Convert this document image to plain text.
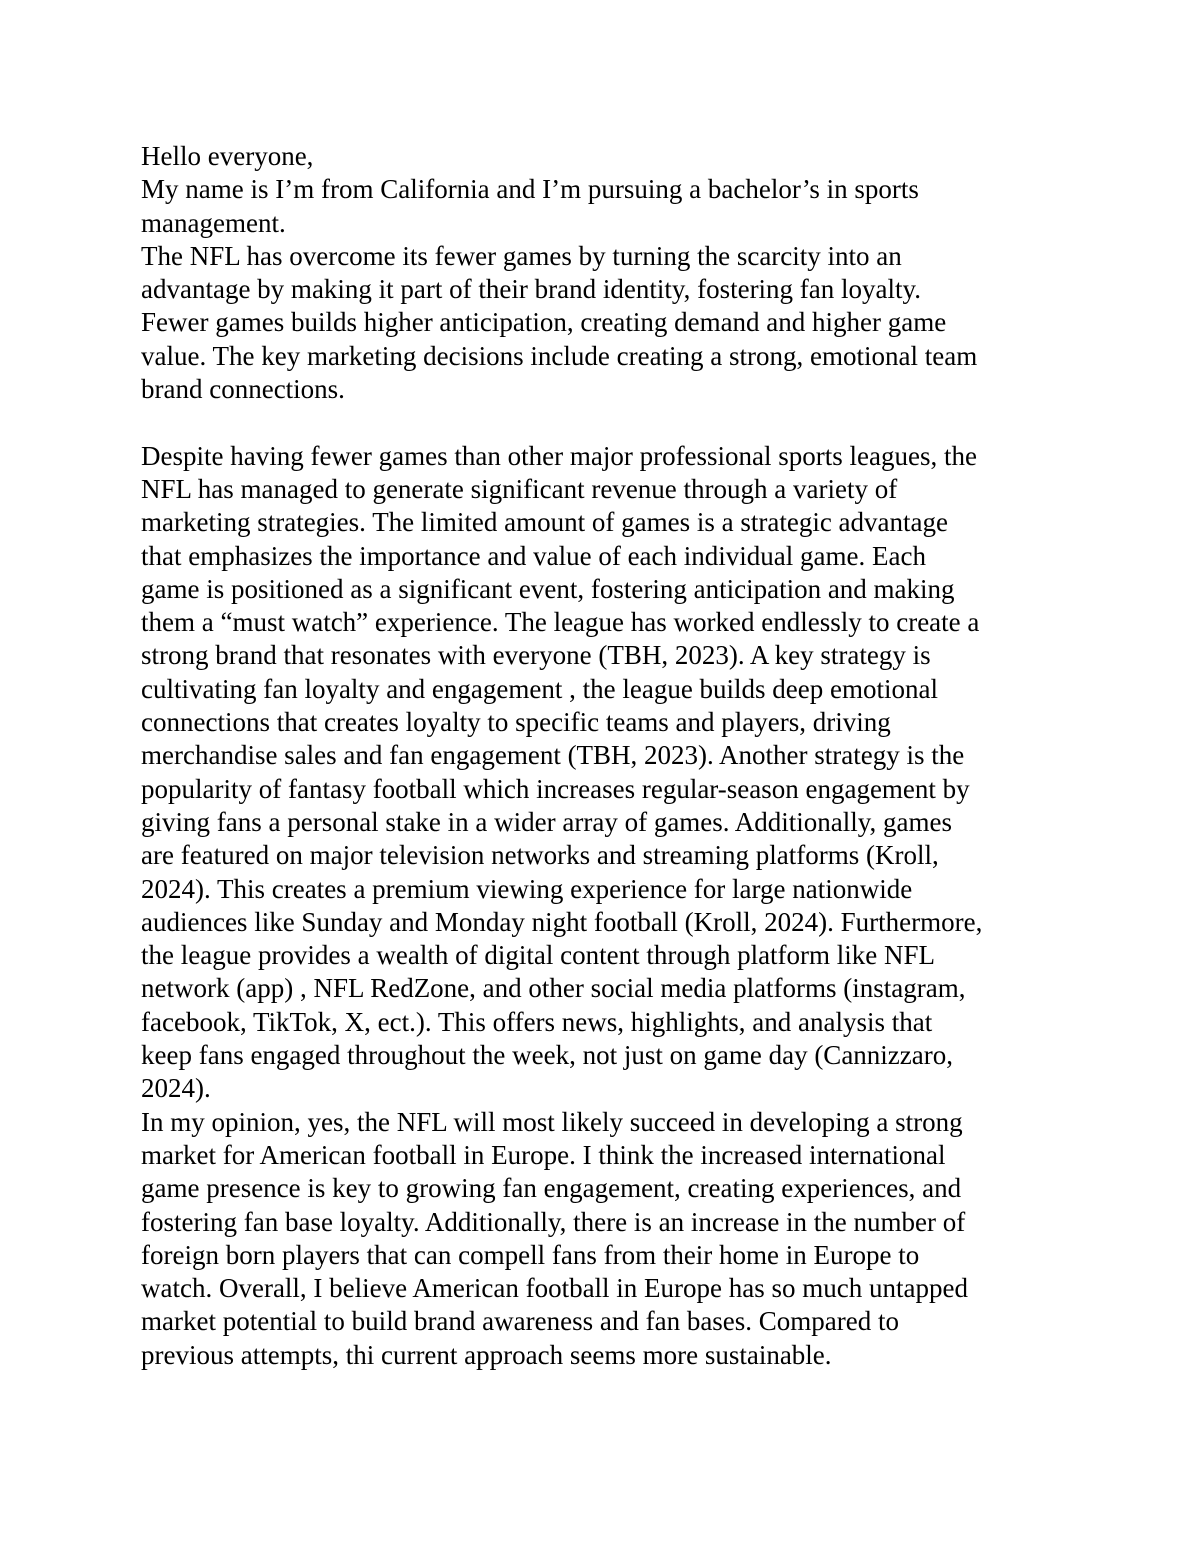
Hello everyone,
My name is I’m from California and I’m pursuing a bachelor’s in sports
management.
The NFL has overcome its fewer games by turning the scarcity into an
advantage by making it part of their brand identity, fostering fan loyalty.
Fewer games builds higher anticipation, creating demand and higher game
value. The key marketing decisions include creating a strong, emotional team
brand connections.
Despite having fewer games than other major professional sports leagues, the
NFL has managed to generate significant revenue through a variety of
marketing strategies. The limited amount of games is a strategic advantage
that emphasizes the importance and value of each individual game. Each
game is positioned as a significant event, fostering anticipation and making
them a “must watch” experience. The league has worked endlessly to create a
strong brand that resonates with everyone (TBH, 2023). A key strategy is
cultivating fan loyalty and engagement , the league builds deep emotional
connections that creates loyalty to specific teams and players, driving
merchandise sales and fan engagement (TBH, 2023). Another strategy is the
popularity of fantasy football which increases regular-season engagement by
giving fans a personal stake in a wider array of games. Additionally, games
are featured on major television networks and streaming platforms (Kroll,
2024). This creates a premium viewing experience for large nationwide
audiences like Sunday and Monday night football (Kroll, 2024). Furthermore,
the league provides a wealth of digital content through platform like NFL
network (app) , NFL RedZone, and other social media platforms (instagram,
facebook, TikTok, X, ect.). This offers news, highlights, and analysis that
keep fans engaged throughout the week, not just on game day (Cannizzaro,
2024).
In my opinion, yes, the NFL will most likely succeed in developing a strong
market for American football in Europe. I think the increased international
game presence is key to growing fan engagement, creating experiences, and
fostering fan base loyalty. Additionally, there is an increase in the number of
foreign born players that can compell fans from their home in Europe to
watch. Overall, I believe American football in Europe has so much untapped
market potential to build brand awareness and fan bases. Compared to
previous attempts, thi current approach seems more sustainable.
